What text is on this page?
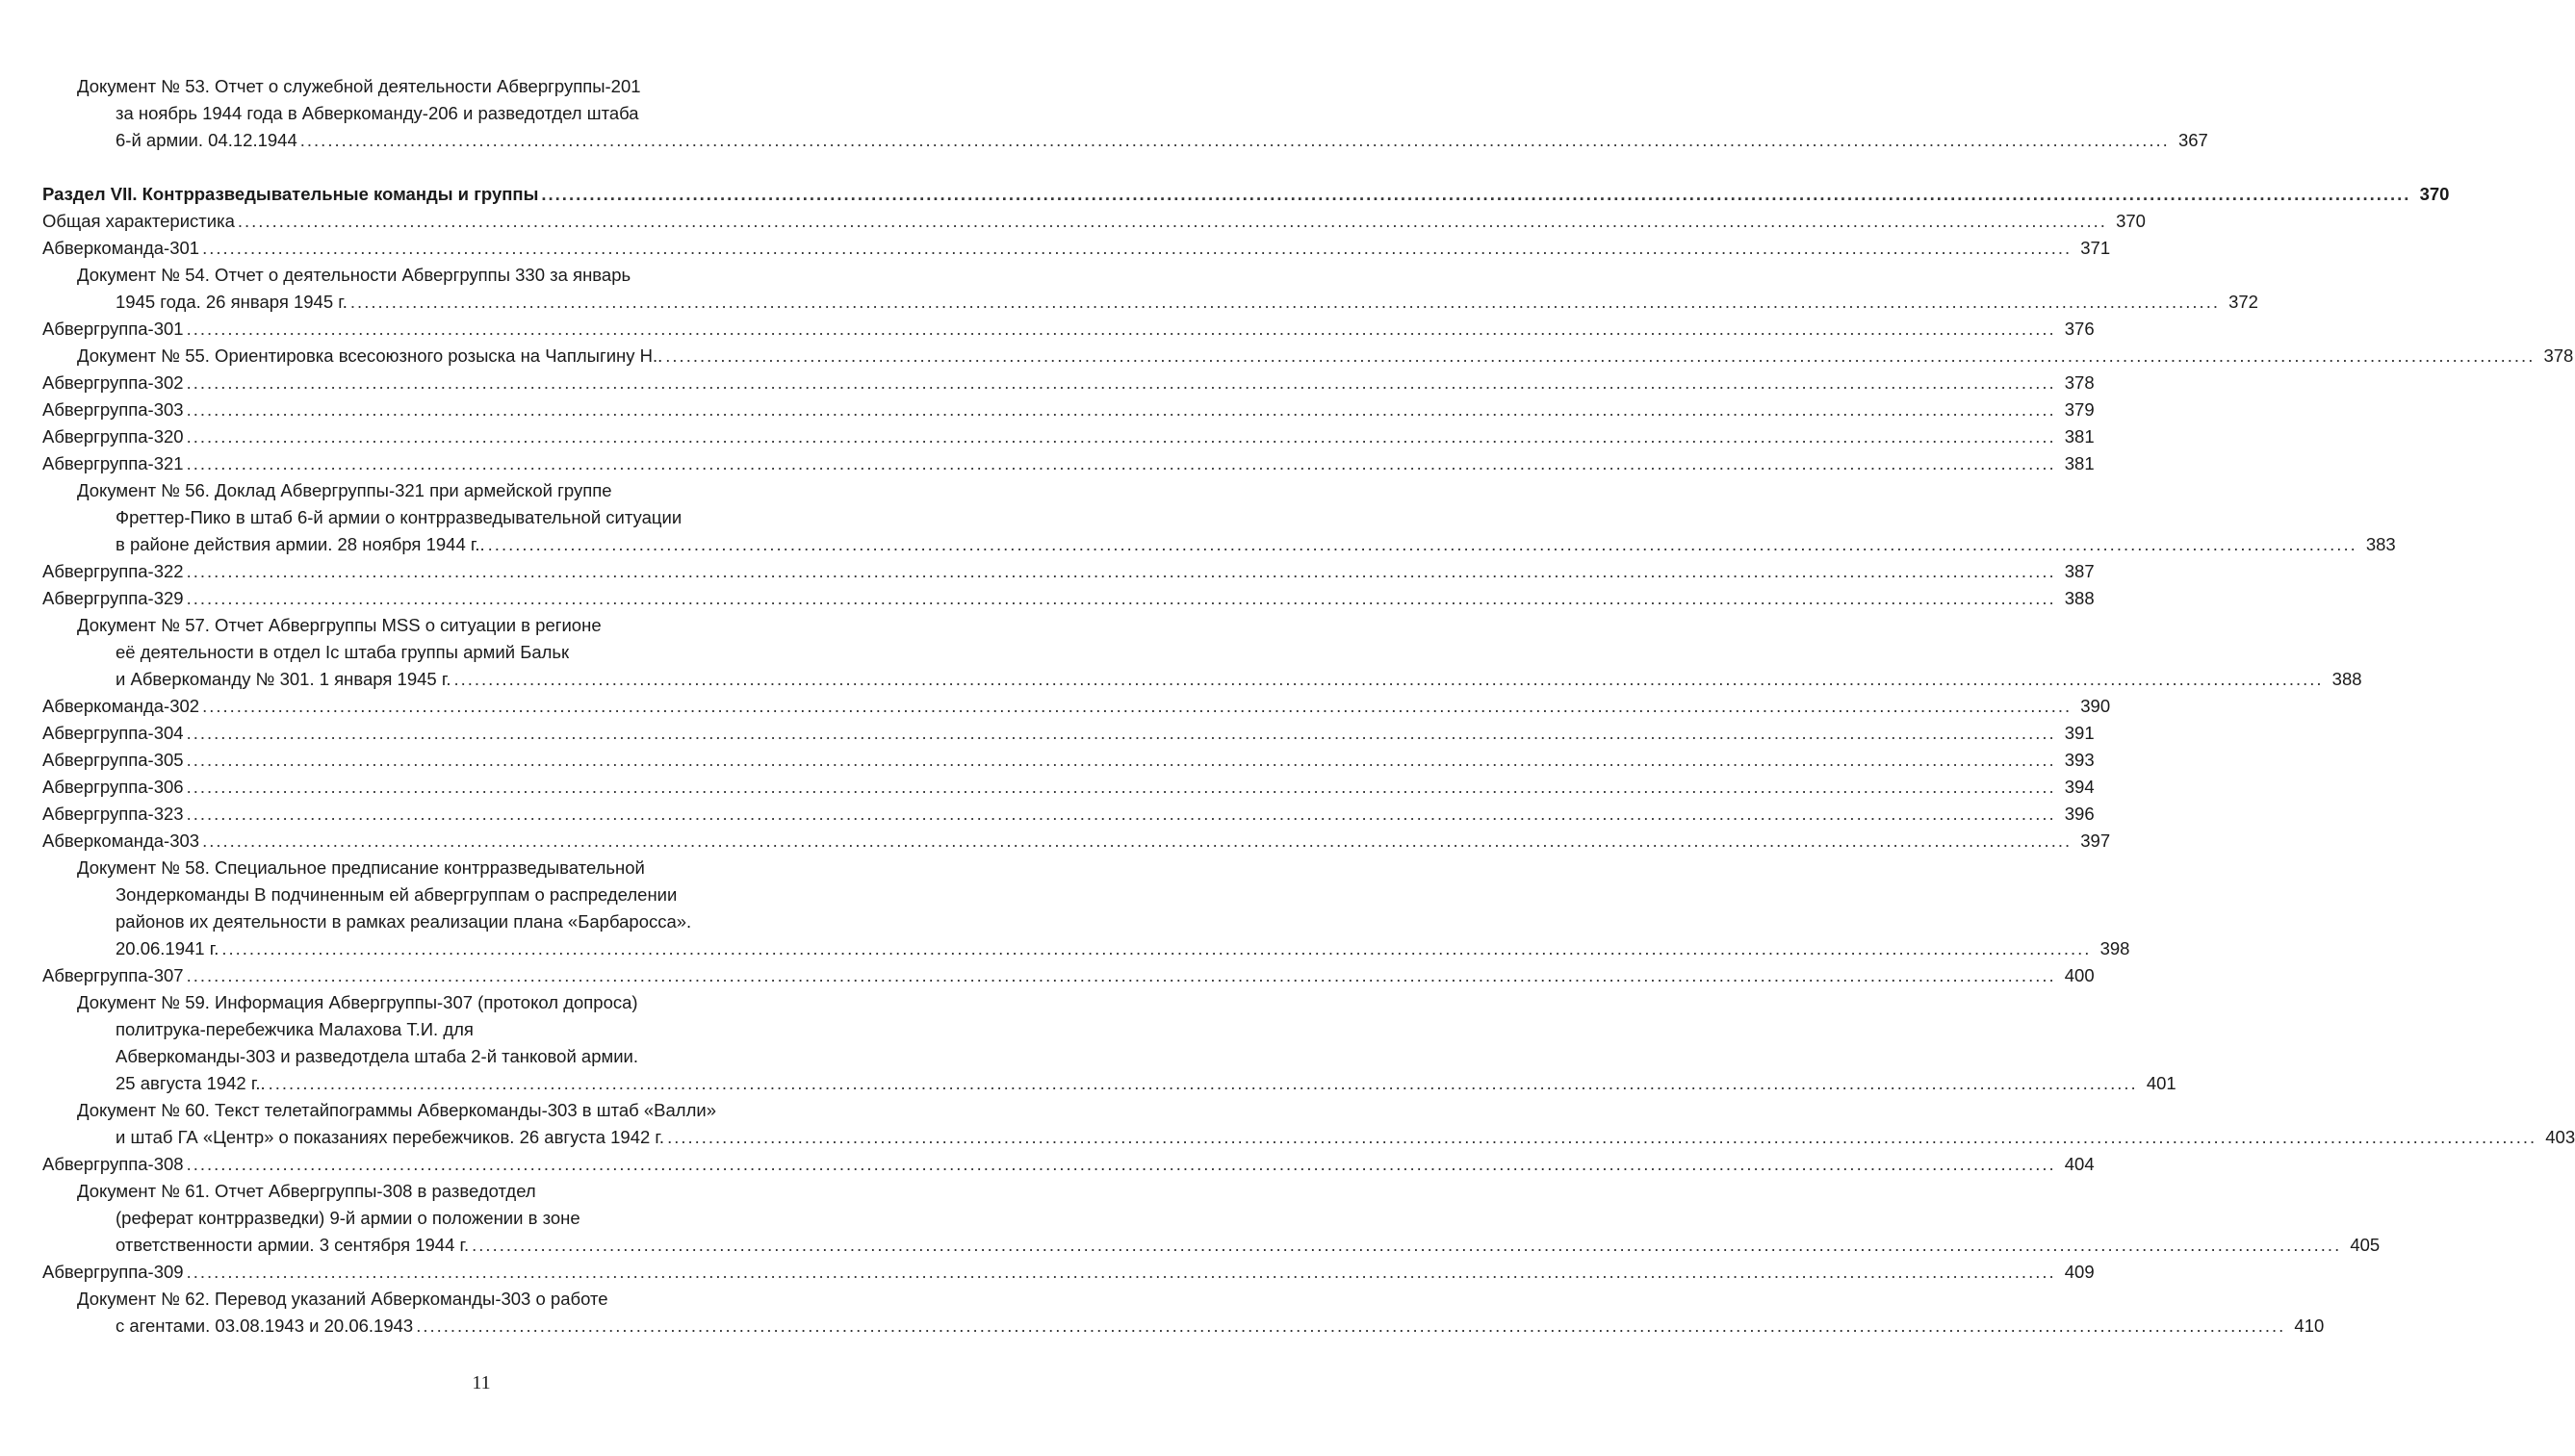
Документ № 53. Отчет о служебной деятельности Абвергруппы-201
за ноябрь 1944 года в Абверкоманду-206 и разведотдел штаба
6-й армии. 04.12.1944 .....	367
Раздел VII. Контрразведывательные команды и группы .....	370
Общая характеристика .....	370
Абверкоманда-301 .....	371
Документ № 54. Отчет о деятельности Абвергруппы 330 за январь
1945 года. 26 января 1945 г. .....	372
Абвергруппа-301 .....	376
Документ № 55. Ориентировка всесоюзного розыска на Чаплыгину Н.. .....	378
Абвергруппа-302 .....	378
Абвергруппа-303 .....	379
Абвергруппа-320 .....	381
Абвергруппа-321 .....	381
Документ № 56. Доклад Абвергруппы-321 при армейской группе
Фреттер-Пико в штаб 6-й армии о контрразведывательной ситуации
в районе действия армии. 28 ноября 1944 г.. .....	383
Абвергруппа-322 .....	387
Абвергруппа-329 .....	388
Документ № 57. Отчет Абвергруппы MSS о ситуации в регионе
её деятельности в отдел Ic штаба группы армий Бальк
и Абверкоманду № 301. 1 января 1945 г. .....	388
Абверкоманда-302 .....	390
Абвергруппа-304 .....	391
Абвергруппа-305 .....	393
Абвергруппа-306 .....	394
Абвергруппа-323 .....	396
Абверкоманда-303 .....	397
Документ № 58. Специальное предписание контрразведывательной
Зондеркоманды В подчиненным ей абвергруппам о распределении
районов их деятельности в рамках реализации плана «Барбаросса».
20.06.1941 г. .....	398
Абвергруппа-307 .....	400
Документ № 59. Информация Абвергруппы-307 (протокол допроса)
политрука-перебежчика Малахова Т.И. для
Абверкоманды-303 и разведотдела штаба 2-й танковой армии.
25 августа 1942 г.. .....	401
Документ № 60. Текст телетайпограммы Абверкоманды-303 в штаб «Валли»
и штаб ГА «Центр» о показаниях перебежчиков. 26 августа 1942 г. .....	403
Абвергруппа-308 .....	404
Документ № 61. Отчет Абвергруппы-308 в разведотдел
(реферат контрразведки) 9-й армии о положении в зоне
ответственности армии. 3 сентября 1944 г. .....	405
Абвергруппа-309 .....	409
Документ № 62. Перевод указаний Абверкоманды-303 о работе
с агентами. 03.08.1943 и 20.06.1943 .....	410
11
